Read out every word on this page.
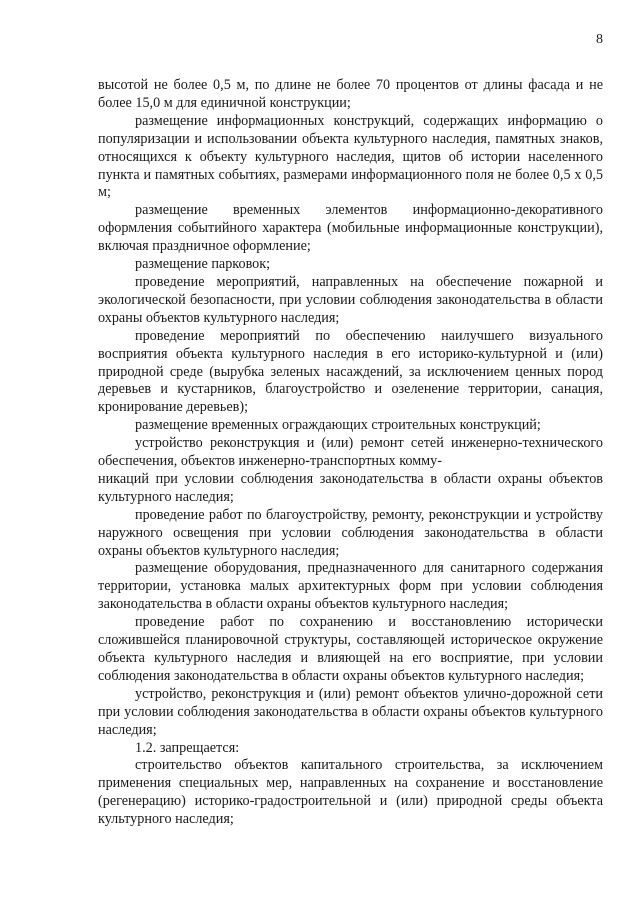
8

высотой не более 0,5 м, по длине не более 70 процентов от длины фасада и не более 15,0 м для единичной конструкции;

размещение информационных конструкций, содержащих информацию о популяризации и использовании объекта культурного наследия, памятных знаков, относящихся к объекту культурного наследия, щитов об истории населенного пункта и памятных событиях, размерами информационного поля не более 0,5 х 0,5 м;

размещение временных элементов информационно-декоративного оформления событийного характера (мобильные информационные конструкции), включая праздничное оформление;

размещение парковок;

проведение мероприятий, направленных на обеспечение пожарной и экологической безопасности, при условии соблюдения законодательства в области охраны объектов культурного наследия;

проведение мероприятий по обеспечению наилучшего визуального восприятия объекта культурного наследия в его историко-культурной и (или) природной среде (вырубка зеленых насаждений, за исключением ценных пород деревьев и кустарников, благоустройство и озеленение территории, санация, кронирование деревьев);

размещение временных ограждающих строительных конструкций;

устройство реконструкция и (или) ремонт сетей инженерно-технического обеспечения, объектов инженерно-транспортных комму-
никаций при условии соблюдения законодательства в области охраны объектов культурного наследия;

проведение работ по благоустройству, ремонту, реконструкции и устройству наружного освещения при условии соблюдения законодательства в области охраны объектов культурного наследия;

размещение оборудования, предназначенного для санитарного содержания территории, установка малых архитектурных форм при условии соблюдения законодательства в области охраны объектов культурного наследия;

проведение работ по сохранению и восстановлению исторически сложившейся планировочной структуры, составляющей историческое окружение объекта культурного наследия и влияющей на его восприятие, при условии соблюдения законодательства в области охраны объектов культурного наследия;

устройство, реконструкция и (или) ремонт объектов улично-дорожной сети при условии соблюдения законодательства в области охраны объектов культурного наследия;

1.2. запрещается:

строительство объектов капитального строительства, за исключением применения специальных мер, направленных на сохранение и восстановление (регенерацию) историко-градостроительной и (или) природной среды объекта культурного наследия;
